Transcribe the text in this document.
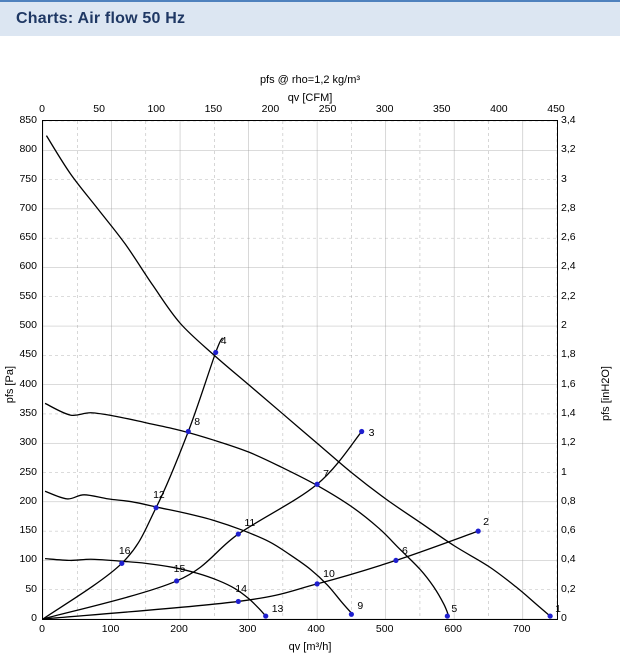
Charts: Air flow 50 Hz
pfs @ rho=1,2 kg/m³
qv [CFM]
qv [m³/h]
pfs [Pa]	pfs [inH2O]
0	100	200	300	400	500	600	700
0	50	100	150	200	250	300	350	400	450
0
50
100
150
200
250
300
350
400
450
500
550
600
650
700
750
800
850
0
0,2
0,4
0,6
0,8
1
1,2
1,4
1,6
1,8
2
2,2
2,4
2,6
2,8
3
3,2
3,4
1
2
3
4
5
6
7
8
9
10
11
12
13
14
15
16
